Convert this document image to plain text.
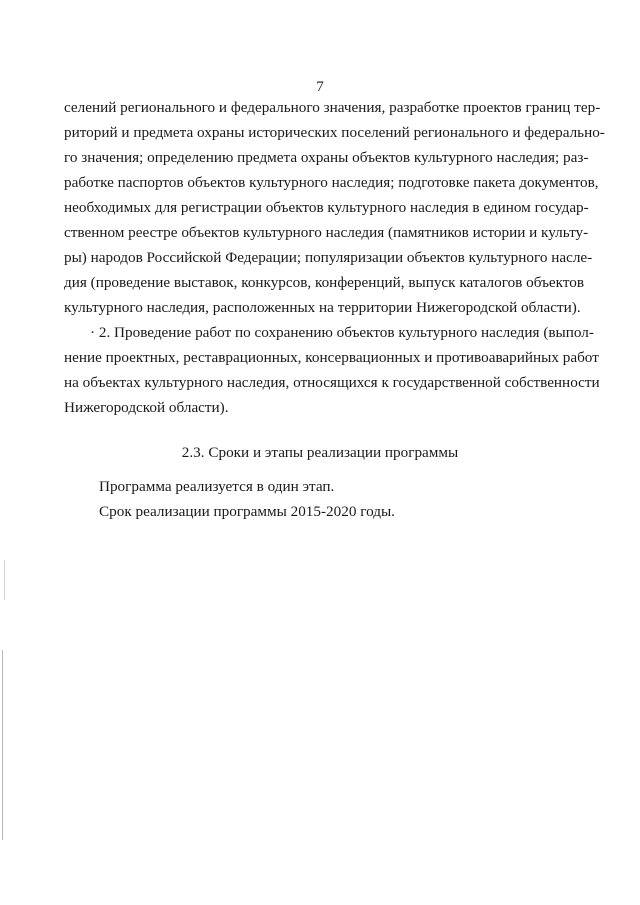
7
селений регионального и федерального значения, разработке проектов границ тер-
риторий и предмета охраны исторических поселений регионального и федерально-
го значения; определению предмета охраны объектов культурного наследия; раз-
работке паспортов объектов культурного наследия; подготовке пакета документов,
необходимых для регистрации объектов культурного наследия в едином государ-
ственном реестре объектов культурного наследия (памятников истории и культу-
ры) народов Российской Федерации; популяризации объектов культурного насле-
дия (проведение выставок, конкурсов, конференций, выпуск каталогов объектов
культурного наследия, расположенных на территории Нижегородской области).
· 2. Проведение работ по сохранению объектов культурного наследия (выпол-
нение проектных, реставрационных, консервационных и противоаварийных работ
на объектах культурного наследия, относящихся к государственной собственности
Нижегородской области).
2.3. Сроки и этапы реализации программы
Программа реализуется в один этап.
Срок реализации программы 2015-2020 годы.
